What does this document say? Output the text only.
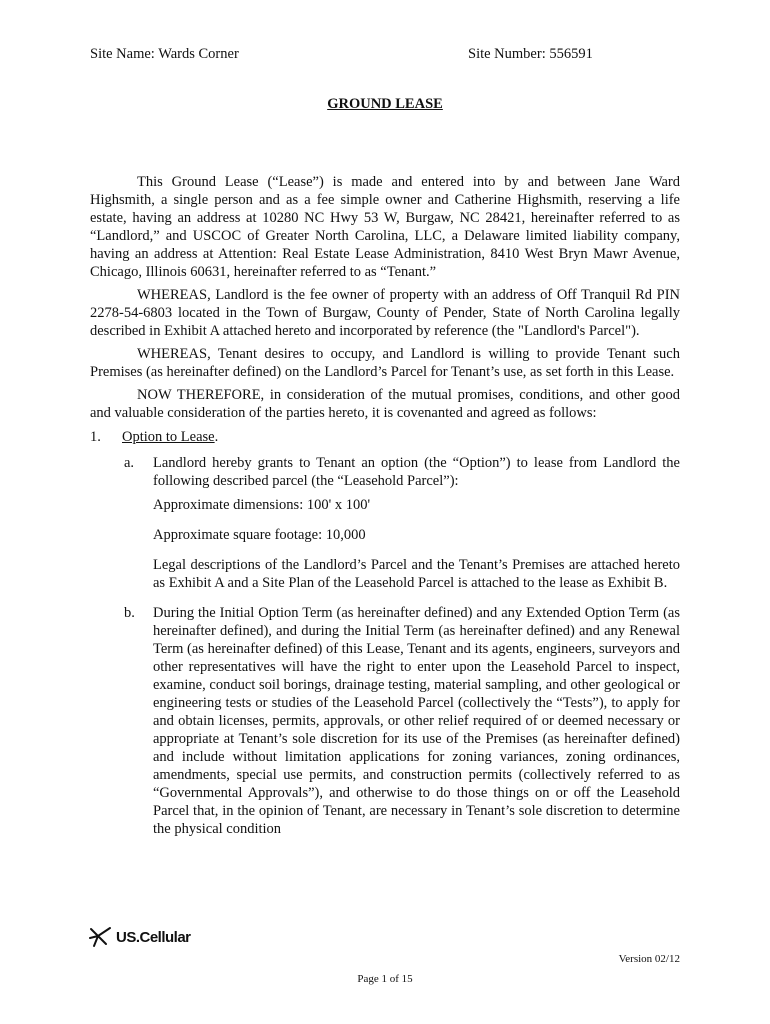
Site Name: Wards Corner	Site Number: 556591
GROUND LEASE

This Ground Lease (“Lease”) is made and entered into by and between Jane Ward Highsmith, a single person and as a fee simple owner and Catherine Highsmith, reserving a life estate, having an address at 10280 NC Hwy 53 W, Burgaw, NC 28421, hereinafter referred to as “Landlord,” and USCOC of Greater North Carolina, LLC, a Delaware limited liability company, having an address at Attention: Real Estate Lease Administration, 8410 West Bryn Mawr Avenue, Chicago, Illinois 60631, hereinafter referred to as “Tenant.”

WHEREAS, Landlord is the fee owner of property with an address of Off Tranquil Rd PIN 2278-54-6803 located in the Town of Burgaw, County of Pender, State of North Carolina legally described in Exhibit A attached hereto and incorporated by reference (the "Landlord's Parcel").

WHEREAS, Tenant desires to occupy, and Landlord is willing to provide Tenant such Premises (as hereinafter defined) on the Landlord’s Parcel for Tenant’s use, as set forth in this Lease.

NOW THEREFORE, in consideration of the mutual promises, conditions, and other good and valuable consideration of the parties hereto, it is covenanted and agreed as follows:

1. Option to Lease.
a. Landlord hereby grants to Tenant an option (the “Option”) to lease from Landlord the following described parcel (the “Leasehold Parcel”):

Approximate dimensions: 100' x 100'

Approximate square footage: 10,000

Legal descriptions of the Landlord’s Parcel and the Tenant’s Premises are attached hereto as Exhibit A and a Site Plan of the Leasehold Parcel is attached to the lease as Exhibit B.

b. During the Initial Option Term (as hereinafter defined) and any Extended Option Term (as hereinafter defined), and during the Initial Term (as hereinafter defined) and any Renewal Term (as hereinafter defined) of this Lease, Tenant and its agents, engineers, surveyors and other representatives will have the right to enter upon the Leasehold Parcel to inspect, examine, conduct soil borings, drainage testing, material sampling, and other geological or engineering tests or studies of the Leasehold Parcel (collectively the “Tests”), to apply for and obtain licenses, permits, approvals, or other relief required of or deemed necessary or appropriate at Tenant’s sole discretion for its use of the Premises (as hereinafter defined) and include without limitation applications for zoning variances, zoning ordinances, amendments, special use permits, and construction permits (collectively referred to as “Governmental Approvals”), and otherwise to do those things on or off the Leasehold Parcel that, in the opinion of Tenant, are necessary in Tenant’s sole discretion to determine the physical condition

US.Cellular
Version 02/12
Page 1 of 15
